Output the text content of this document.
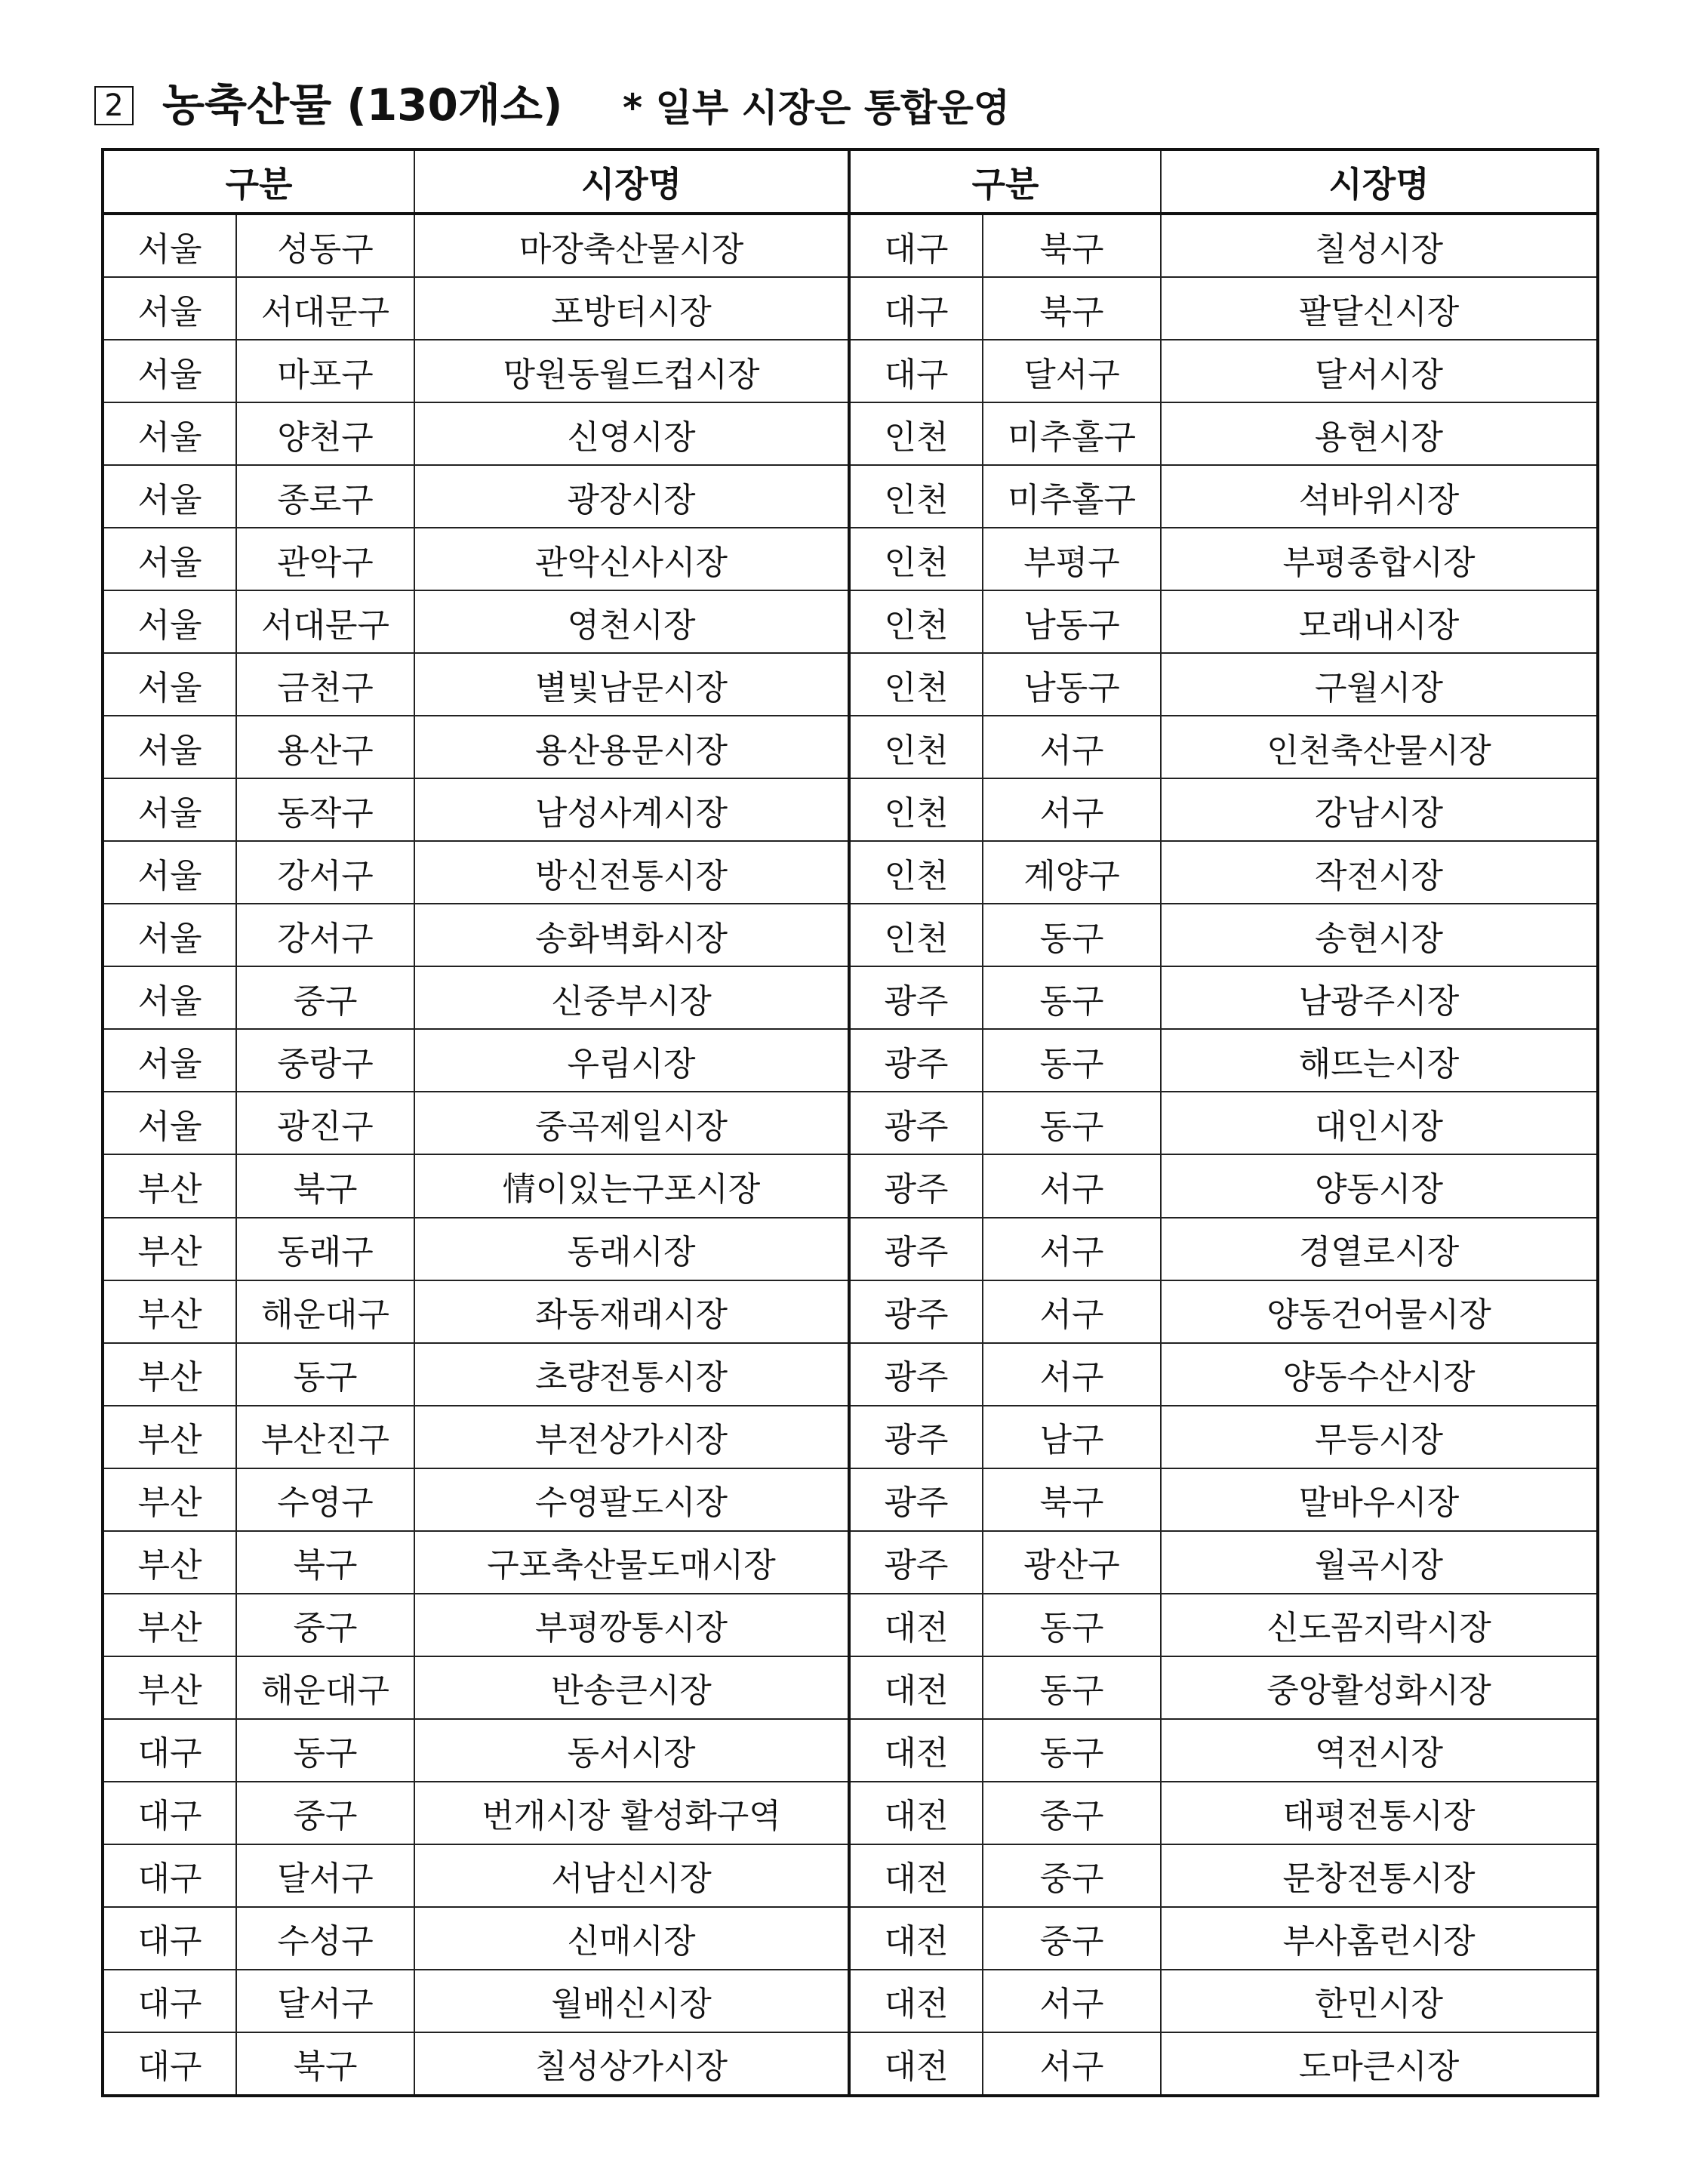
2 농축산물 (130개소) * 일부 시장은 통합운영
구분		시장명	구분		시장명
서울	성동구	마장축산물시장	대구	북구	칠성시장
서울	서대문구	포방터시장	대구	북구	팔달신시장
서울	마포구	망원동월드컵시장	대구	달서구	달서시장
서울	양천구	신영시장	인천	미추홀구	용현시장
서울	종로구	광장시장	인천	미추홀구	석바위시장
서울	관악구	관악신사시장	인천	부평구	부평종합시장
서울	서대문구	영천시장	인천	남동구	모래내시장
서울	금천구	별빛남문시장	인천	남동구	구월시장
서울	용산구	용산용문시장	인천	서구	인천축산물시장
서울	동작구	남성사계시장	인천	서구	강남시장
서울	강서구	방신전통시장	인천	계양구	작전시장
서울	강서구	송화벽화시장	인천	동구	송현시장
서울	중구	신중부시장	광주	동구	남광주시장
서울	중랑구	우림시장	광주	동구	해뜨는시장
서울	광진구	중곡제일시장	광주	동구	대인시장
부산	북구	情이있는구포시장	광주	서구	양동시장
부산	동래구	동래시장	광주	서구	경열로시장
부산	해운대구	좌동재래시장	광주	서구	양동건어물시장
부산	동구	초량전통시장	광주	서구	양동수산시장
부산	부산진구	부전상가시장	광주	남구	무등시장
부산	수영구	수영팔도시장	광주	북구	말바우시장
부산	북구	구포축산물도매시장	광주	광산구	월곡시장
부산	중구	부평깡통시장	대전	동구	신도꼼지락시장
부산	해운대구	반송큰시장	대전	동구	중앙활성화시장
대구	동구	동서시장	대전	동구	역전시장
대구	중구	번개시장 활성화구역	대전	중구	태평전통시장
대구	달서구	서남신시장	대전	중구	문창전통시장
대구	수성구	신매시장	대전	중구	부사홈런시장
대구	달서구	월배신시장	대전	서구	한민시장
대구	북구	칠성상가시장	대전	서구	도마큰시장
